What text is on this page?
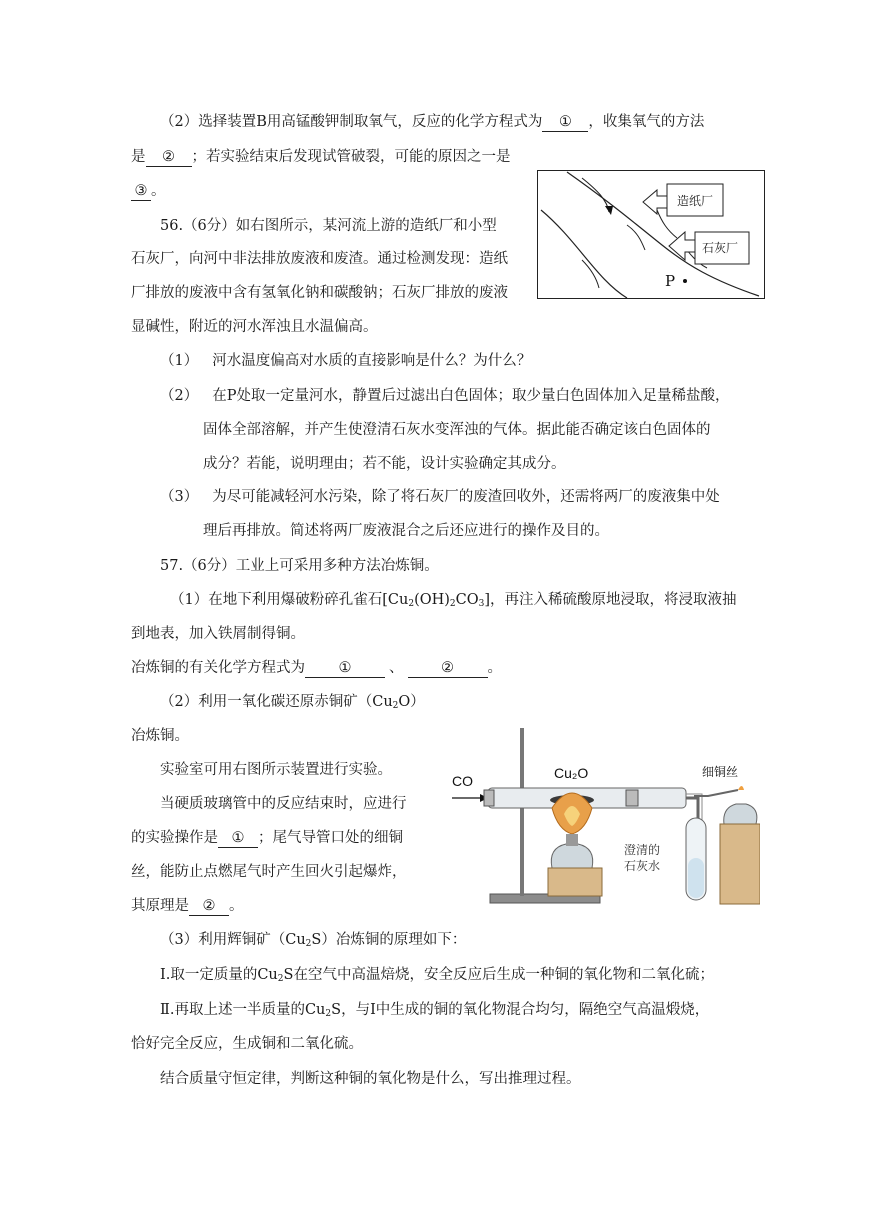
（2）选择装置B用高锰酸钾制取氧气，反应的化学方程式为 ① ，收集氧气的方法
是 ② ；若实验结束后发现试管破裂，可能的原因之一是
③ 。
56.（6分）如右图所示，某河流上游的造纸厂和小型
石灰厂，向河中非法排放废液和废渣。通过检测发现：造纸
厂排放的废液中含有氢氧化钠和碳酸钠；石灰厂排放的废液
显碱性，附近的河水浑浊且水温偏高。
造纸厂
石灰厂
P
（1） 河水温度偏高对水质的直接影响是什么？为什么？
（2） 在P处取一定量河水，静置后过滤出白色固体；取少量白色固体加入足量稀盐酸，
固体全部溶解，并产生使澄清石灰水变浑浊的气体。据此能否确定该白色固体的
成分？若能，说明理由；若不能，设计实验确定其成分。
（3） 为尽可能减轻河水污染，除了将石灰厂的废渣回收外，还需将两厂的废液集中处
理后再排放。简述将两厂废液混合之后还应进行的操作及目的。
57.（6分）工业上可采用多种方法冶炼铜。
（1）在地下利用爆破粉碎孔雀石$[Cu_2(OH)_2CO_3]$，再注入稀硫酸原地浸取，将浸取液抽
到地表，加入铁屑制得铜。
冶炼铜的有关化学方程式为 ①	、	② 。
（2）利用一氧化碳还原赤铜矿$(Cu_2O)$
冶炼铜。
实验室可用右图所示装置进行实验。
当硬质玻璃管中的反应结束时，应进行
的实验操作是 ① ；尾气导管口处的细铜
丝，能防止点燃尾气时产生回火引起爆炸，
其原理是 ② 。
CO	Cu₂O
澄清的
石灰水
细铜丝
（3）利用辉铜矿$(Cu_2S)$冶炼铜的原理如下：
Ⅰ.取一定质量的$Cu_2S$在空气中高温焙烧，安全反应后生成一种铜的氧化物和二氧化硫；
Ⅱ.再取上述一半质量的$Cu_2S$，与Ⅰ中生成的铜的氧化物混合均匀，隔绝空气高温煅烧，
恰好完全反应，生成铜和二氧化硫。
结合质量守恒定律，判断这种铜的氧化物是什么，写出推理过程。
